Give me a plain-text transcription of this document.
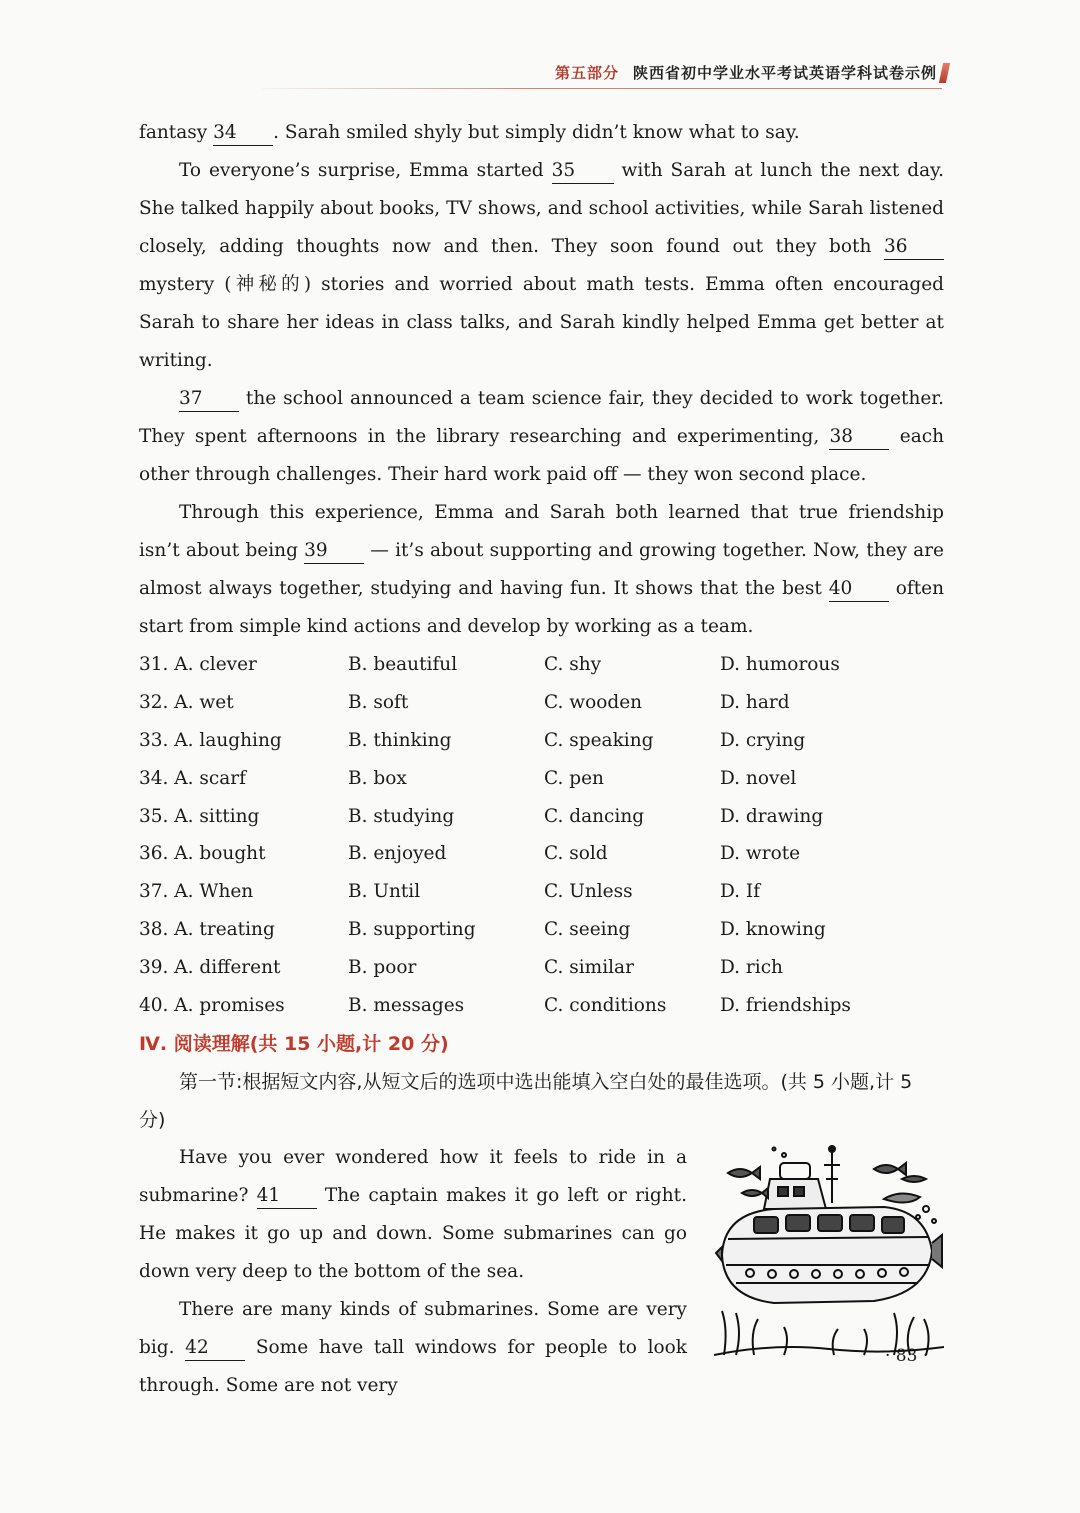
第五部分 陕西省初中学业水平考试英语学科试卷示例

fantasy 34 . Sarah smiled shyly but simply didn’t know what to say.

To everyone’s surprise, Emma started 35 with Sarah at lunch the next day. She talked happily about books, TV shows, and school activities, while Sarah listened closely, adding thoughts now and then. They soon found out they both 36 mystery (神秘的) stories and worried about math tests. Emma often encouraged Sarah to share her ideas in class talks, and Sarah kindly helped Emma get better at writing.

37 the school announced a team science fair, they decided to work together. They spent afternoons in the library researching and experimenting, 38 each other through challenges. Their hard work paid off — they won second place.

Through this experience, Emma and Sarah both learned that true friendship isn’t about being 39 — it’s about supporting and growing together. Now, they are almost always together, studying and having fun. It shows that the best 40 often start from simple kind actions and develop by working as a team.

31. A. clever	B. beautiful	C. shy	D. humorous
32. A. wet	B. soft	C. wooden	D. hard
33. A. laughing	B. thinking	C. speaking	D. crying
34. A. scarf	B. box	C. pen	D. novel
35. A. sitting	B. studying	C. dancing	D. drawing
36. A. bought	B. enjoyed	C. sold	D. wrote
37. A. When	B. Until	C. Unless	D. If
38. A. treating	B. supporting	C. seeing	D. knowing
39. A. different	B. poor	C. similar	D. rich
40. A. promises	B. messages	C. conditions	D. friendships
Ⅳ. 阅读理解(共 15 小题,计 20 分)

第一节:根据短文内容,从短文后的选项中选出能填入空白处的最佳选项。(共 5 小题,计 5 分)

Have you ever wondered how it feels to ride in a submarine? 41 The captain makes it go left or right. He makes it go up and down. Some submarines can go down very deep to the bottom of the sea.

There are many kinds of submarines. Some are very big. 42 Some have tall windows for people to look through. Some are not very

· 83 ·
